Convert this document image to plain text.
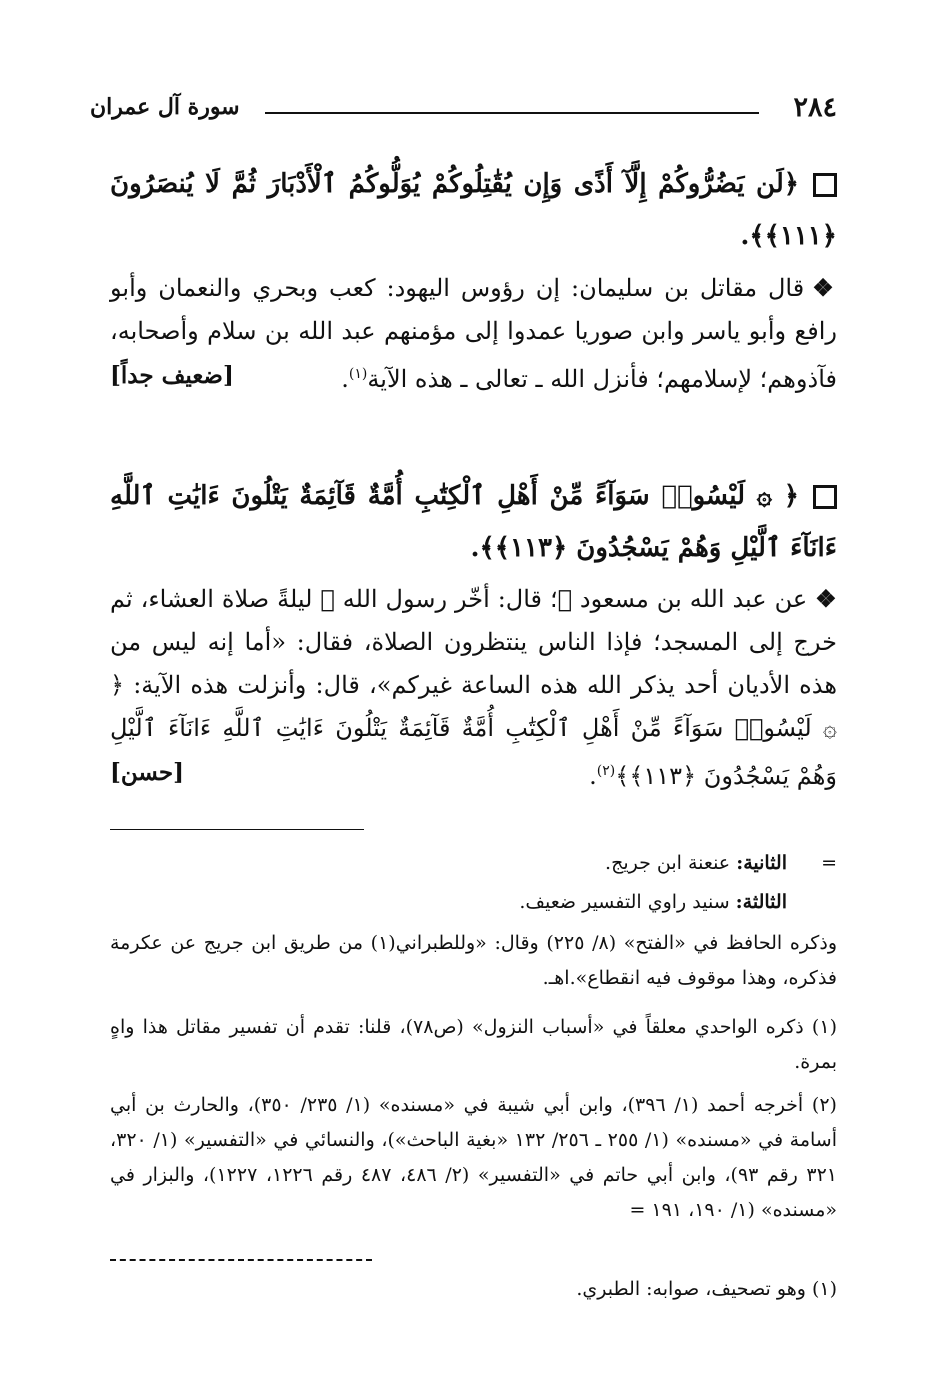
٢٨٤
سورة آل عمران
﴿لَن يَضُرُّوكُمْ إِلَّآ أَذًى وَإِن يُقَٰتِلُوكُمْ يُوَلُّوكُمُ ٱلْأَدْبَارَ ثُمَّ لَا يُنصَرُونَ ﴿١١١﴾﴾.
❖قال مقاتل بن سليمان: إن رؤوس اليهود: كعب وبحري والنعمان وأبو رافع وأبو ياسر وابن صوريا عمدوا إلى مؤمنهم عبد الله بن سلام وأصحابه، فآذوهم؛ لإسلامهم؛ فأنزل الله ـ تعالى ـ هذه الآية$^{(١)}$.
[ضعيف جداً]
﴿ ۞ لَيْسُوا۟ سَوَآءً مِّنْ أَهْلِ ٱلْكِتَٰبِ أُمَّةٌ قَآئِمَةٌ يَتْلُونَ ءَايَٰتِ ٱللَّهِ ءَانَآءَ ٱلَّيْلِ وَهُمْ يَسْجُدُونَ ﴿١١٣﴾﴾.
❖عن عبد الله بن مسعود ﷺ؛ قال: أخّر رسول الله ﷺ ليلةً صلاة العشاء، ثم خرج إلى المسجد؛ فإذا الناس ينتظرون الصلاة، فقال: «أما إنه ليس من هذه الأديان أحد يذكر الله هذه الساعة غيركم»، قال: وأنزلت هذه الآية: ﴿ ۞ لَيْسُوا۟ سَوَآءً مِّنْ أَهْلِ ٱلْكِتَٰبِ أُمَّةٌ قَآئِمَةٌ يَتْلُونَ ءَايَٰتِ ٱللَّهِ ءَانَآءَ ٱلَّيْلِ وَهُمْ يَسْجُدُونَ ﴿١١٣﴾﴾$^{(٢)}$.
[حسن]
=
الثانية: عنعنة ابن جريج.
الثالثة: سنيد راوي التفسير ضعيف.
وذكره الحافظ في «الفتح» (٨/ ٢٢٥) وقال: «وللطبراني(١) من طريق ابن جريج عن عكرمة فذكره، وهذا موقوف فيه انقطاع».اهـ.
(١) ذكره الواحدي معلقاً في «أسباب النزول» (ص٧٨)، قلنا: تقدم أن تفسير مقاتل هذا واهٍ بمرة.
(٢) أخرجه أحمد (١/ ٣٩٦)، وابن أبي شيبة في «مسنده» (١/ ٢٣٥/ ٣٥٠)، والحارث بن أبي أسامة في «مسنده» (١/ ٢٥٥ ـ ٢٥٦/ ١٣٢ «بغية الباحث»)، والنسائي في «التفسير» (١/ ٣٢٠، ٣٢١ رقم ٩٣)، وابن أبي حاتم في «التفسير» (٢/ ٤٨٦، ٤٨٧ رقم ١٢٢٦، ١٢٢٧)، والبزار في «مسنده» (١/ ١٩٠، ١٩١ =
(١) وهو تصحيف، صوابه: الطبري.
